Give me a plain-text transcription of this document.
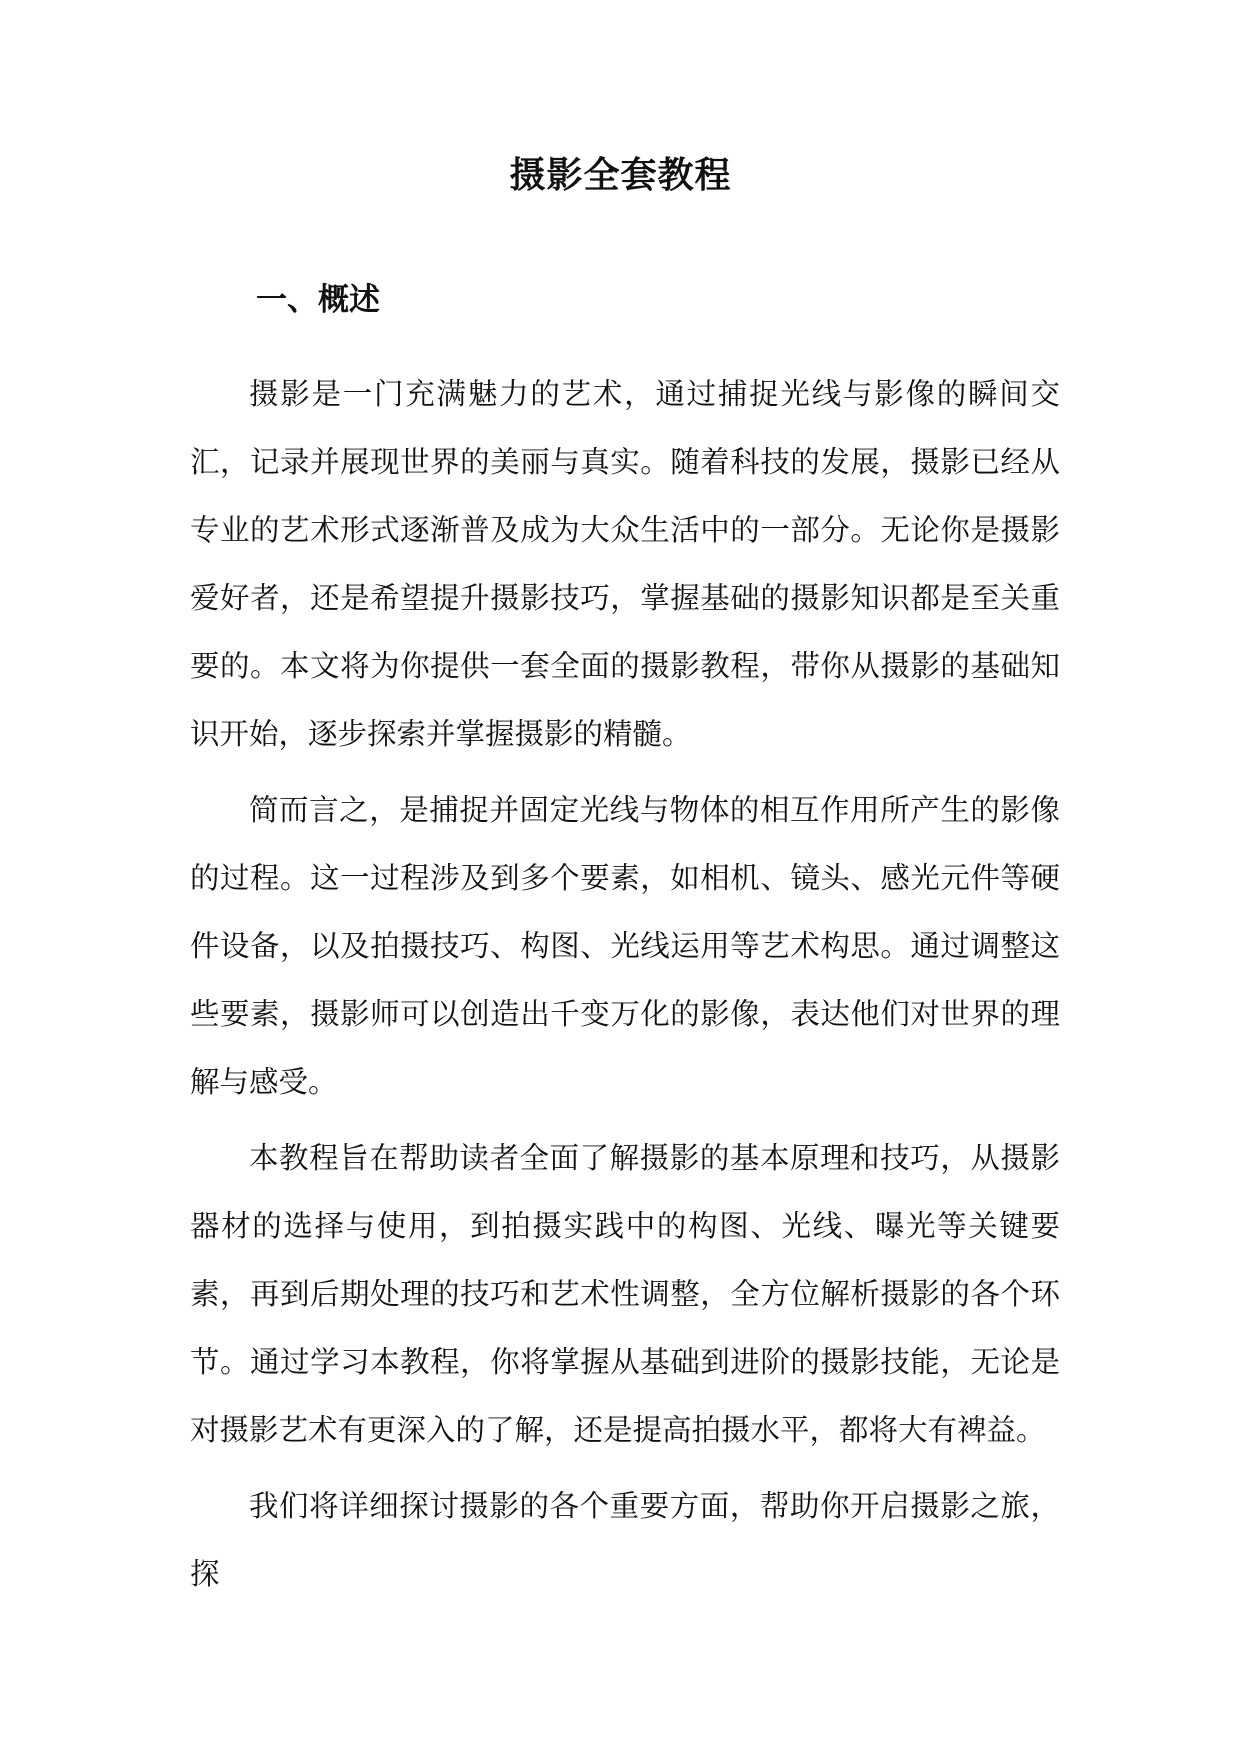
摄影全套教程
一、概述

摄影是一门充满魅力的艺术，通过捕捉光线与影像的瞬间交汇，记录并展现世界的美丽与真实。随着科技的发展，摄影已经从专业的艺术形式逐渐普及成为大众生活中的一部分。无论你是摄影爱好者，还是希望提升摄影技巧，掌握基础的摄影知识都是至关重要的。本文将为你提供一套全面的摄影教程，带你从摄影的基础知识开始，逐步探索并掌握摄影的精髓。

简而言之，是捕捉并固定光线与物体的相互作用所产生的影像的过程。这一过程涉及到多个要素，如相机、镜头、感光元件等硬件设备，以及拍摄技巧、构图、光线运用等艺术构思。通过调整这些要素，摄影师可以创造出千变万化的影像，表达他们对世界的理解与感受。

本教程旨在帮助读者全面了解摄影的基本原理和技巧，从摄影器材的选择与使用，到拍摄实践中的构图、光线、曝光等关键要素，再到后期处理的技巧和艺术性调整，全方位解析摄影的各个环节。通过学习本教程，你将掌握从基础到进阶的摄影技能，无论是对摄影艺术有更深入的了解，还是提高拍摄水平，都将大有裨益。

我们将详细探讨摄影的各个重要方面，帮助你开启摄影之旅，探
